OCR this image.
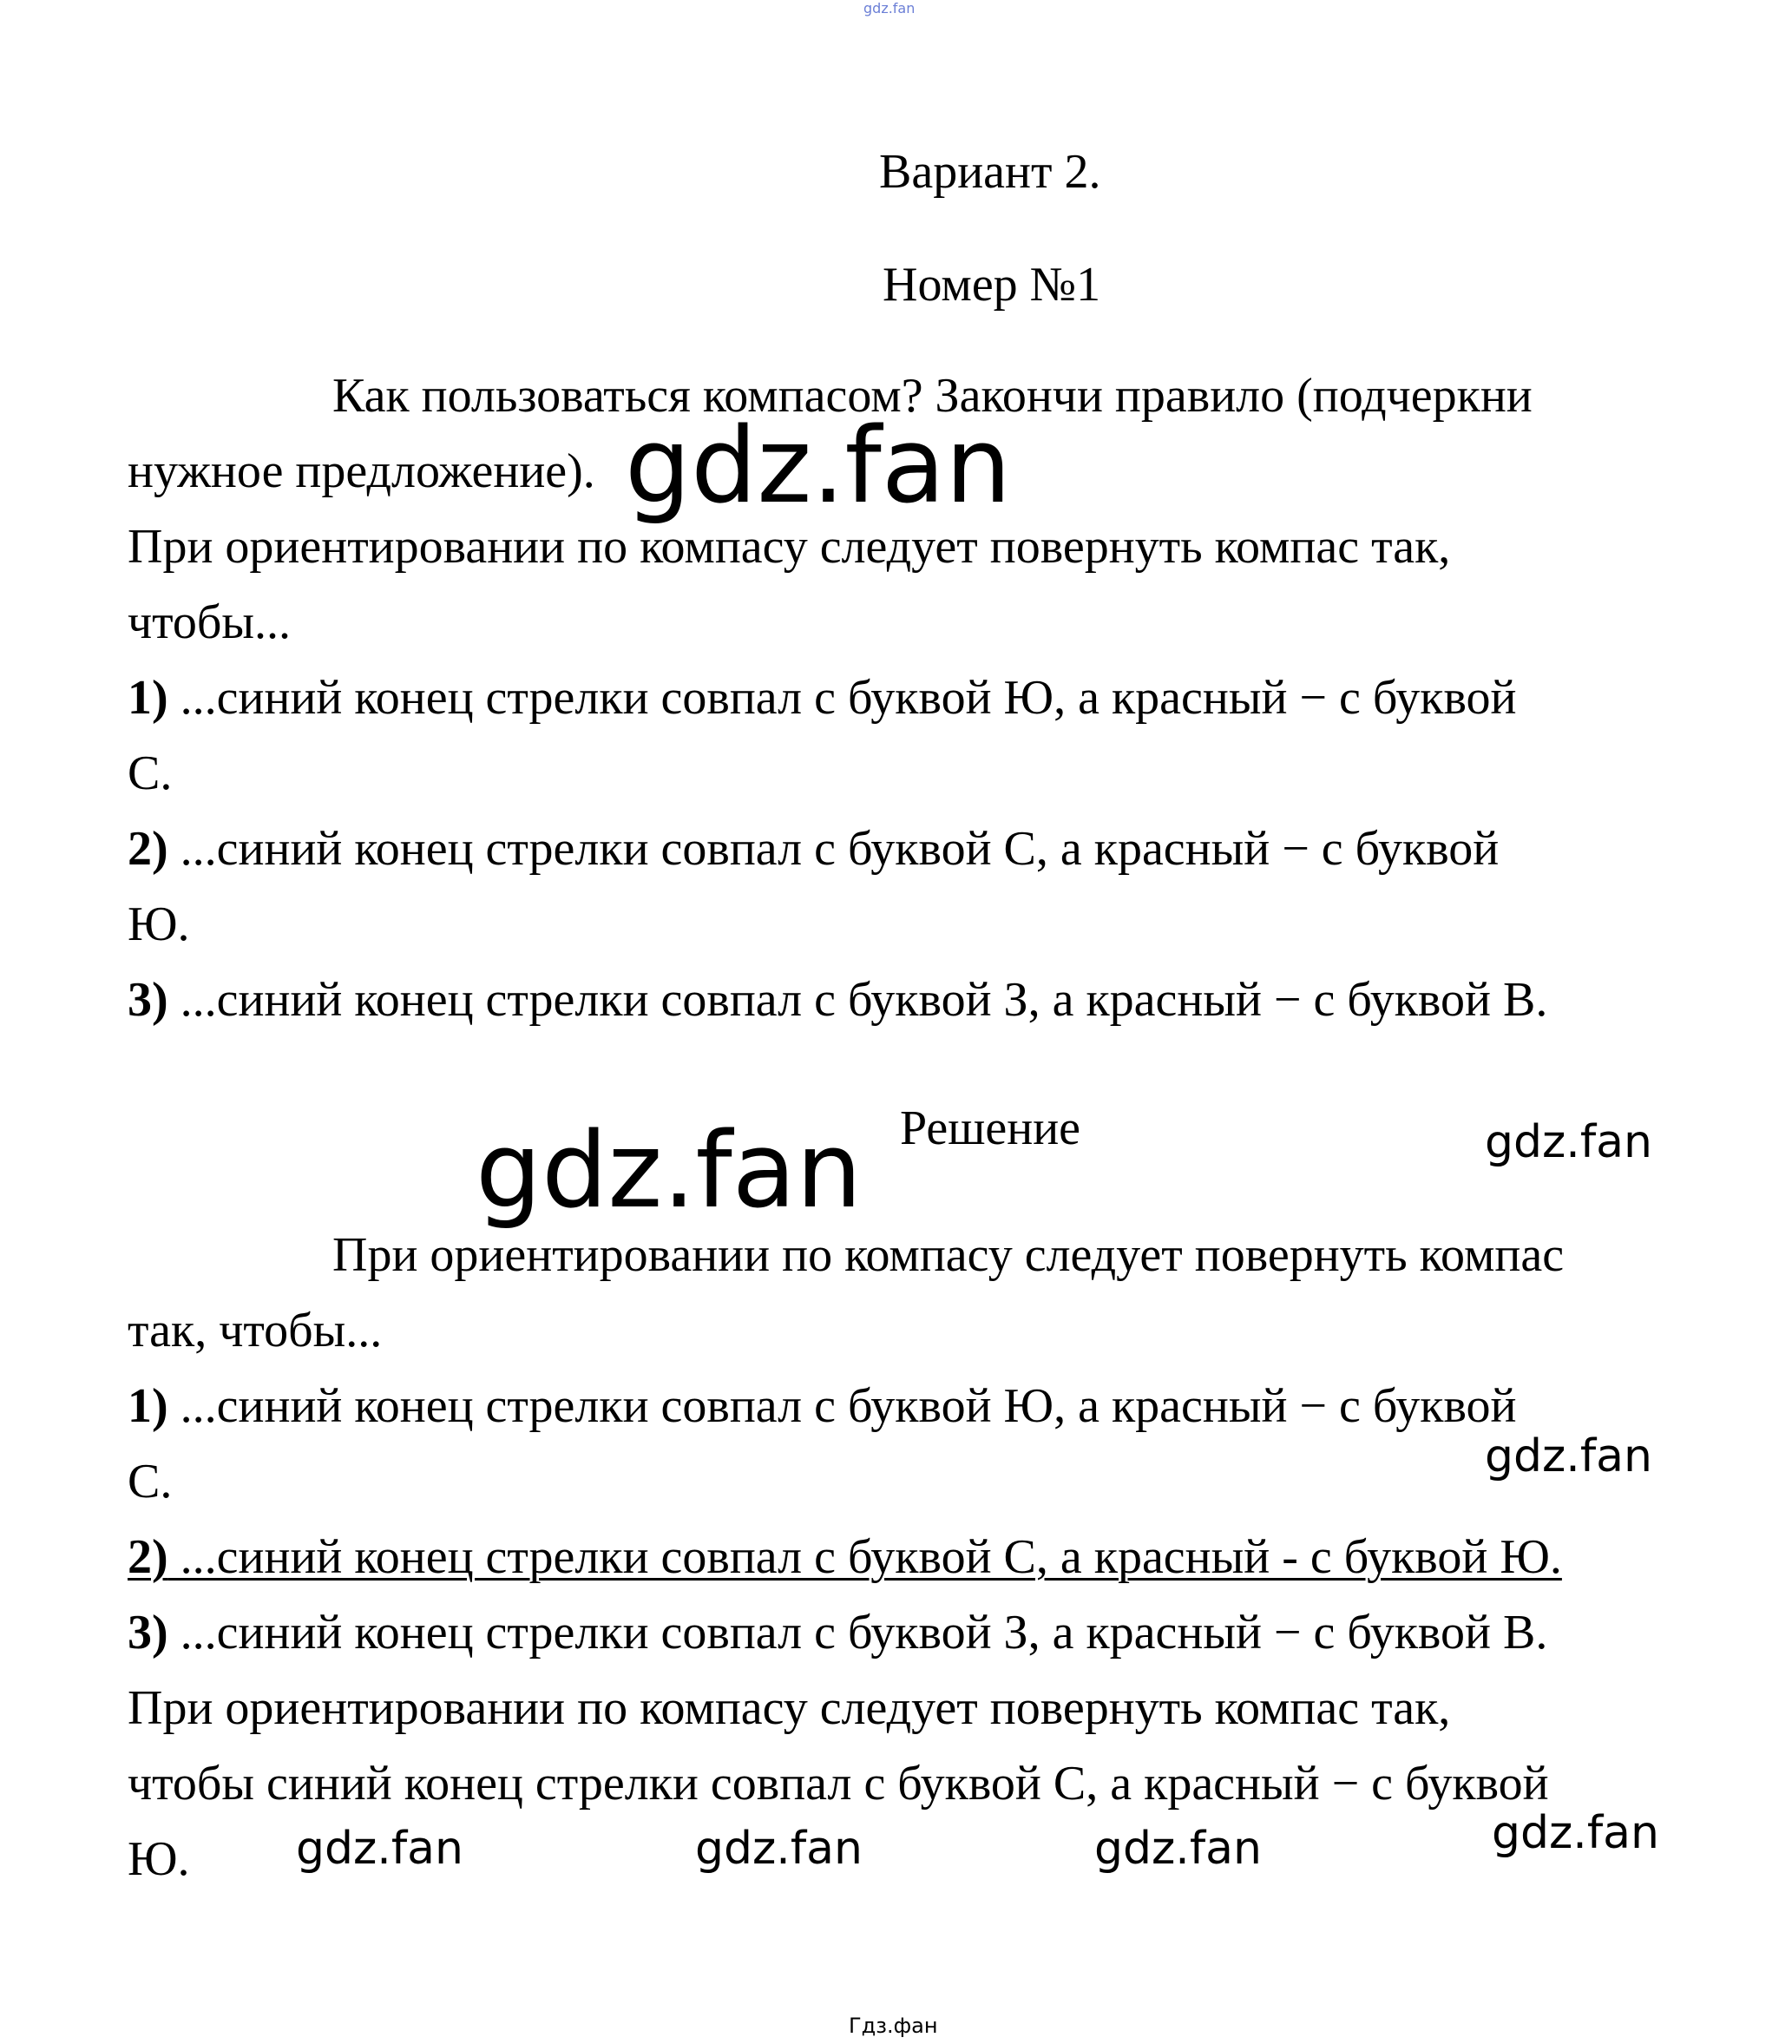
gdz.fan
Вариант 2.
Номер №1
Как пользоваться компасом? Закончи правило (подчеркни
нужное предложение).
При ориентировании по компасу следует повернуть компас так,
чтобы...
1) ...синий конец стрелки совпал с буквой Ю, а красный − с буквой
С.
2) ...синий конец стрелки совпал с буквой С, а красный − с буквой
Ю.
3) ...синий конец стрелки совпал с буквой З, а красный − с буквой В.
Решение
При ориентировании по компасу следует повернуть компас
так, чтобы...
1) ...синий конец стрелки совпал с буквой Ю, а красный − с буквой
С.
2) ...синий конец стрелки совпал с буквой С, а красный - с буквой Ю.
3) ...синий конец стрелки совпал с буквой З, а красный − с буквой В.
При ориентировании по компасу следует повернуть компас так,
чтобы синий конец стрелки совпал с буквой С, а красный − с буквой
Ю.
gdz.fan
gdz.fan	gdz.fan
gdz.fan
gdz.fan	gdz.fan	gdz.fan	gdz.fan
Гдз.фан
